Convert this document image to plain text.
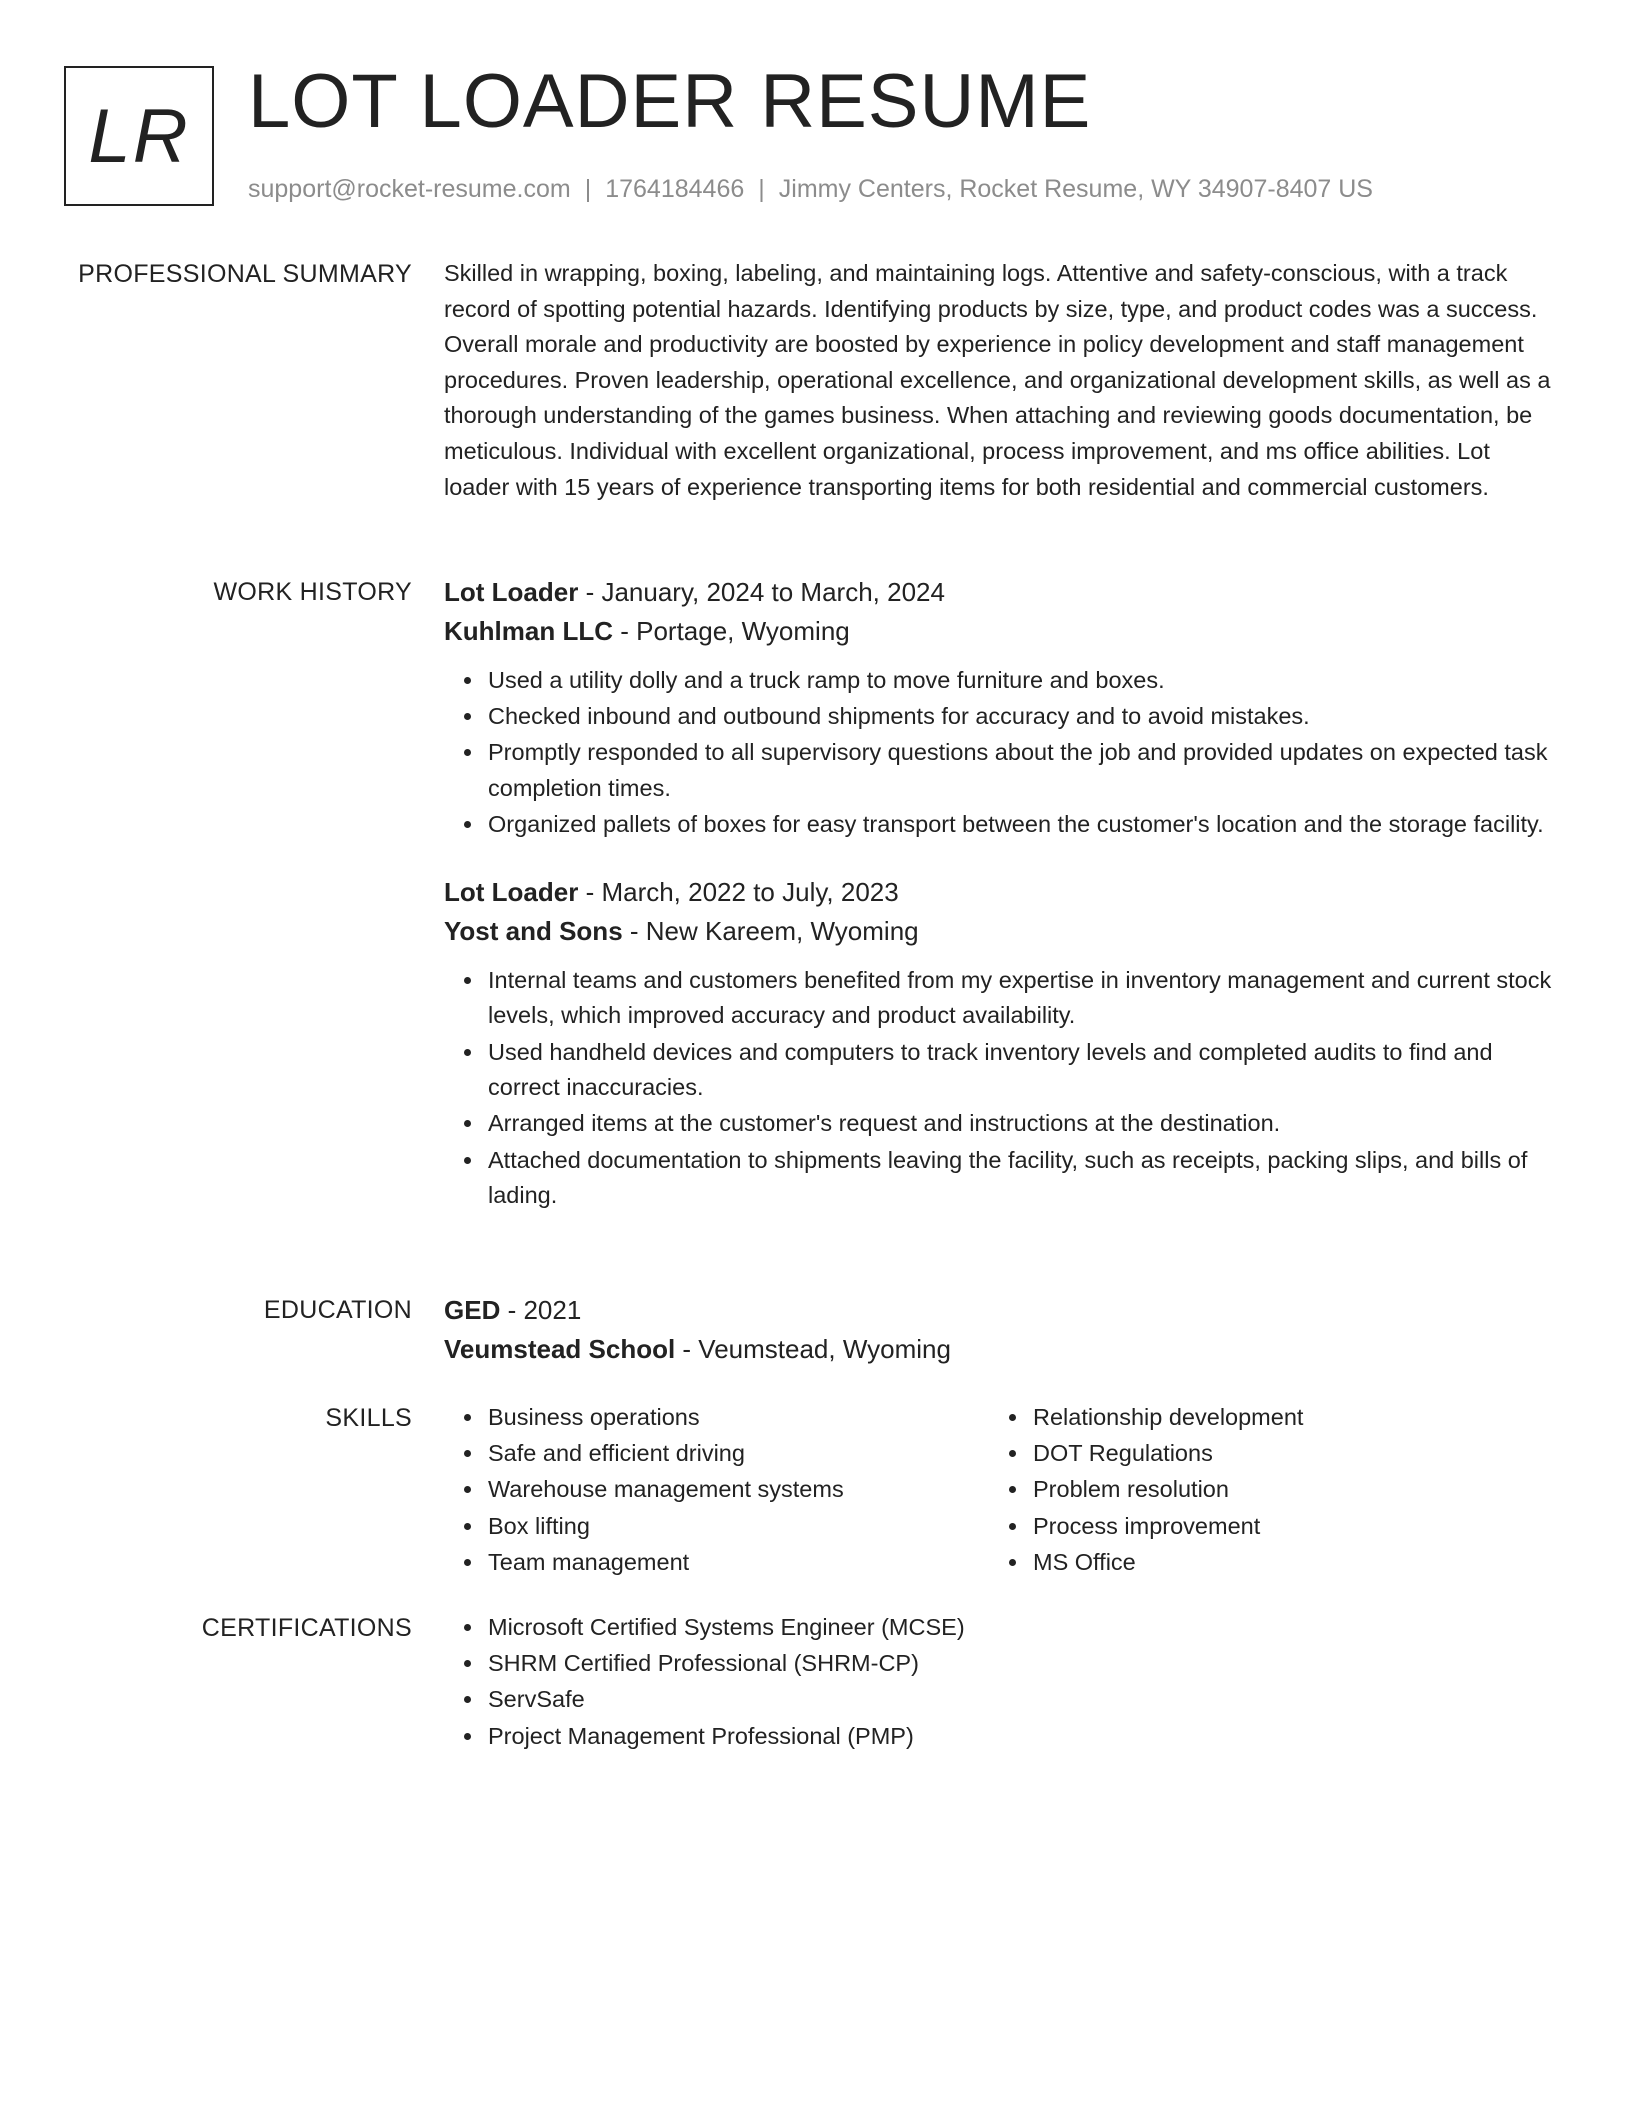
LR LOT LOADER RESUME
support@rocket-resume.com | 1764184466 | Jimmy Centers, Rocket Resume, WY 34907-8407 US
PROFESSIONAL SUMMARY Skilled in wrapping, boxing, labeling, and maintaining logs. Attentive and safety-conscious, with a track record of spotting potential hazards. Identifying products by size, type, and product codes was a success. Overall morale and productivity are boosted by experience in policy development and staff management procedures. Proven leadership, operational excellence, and organizational development skills, as well as a thorough understanding of the games business. When attaching and reviewing goods documentation, be meticulous. Individual with excellent organizational, process improvement, and ms office abilities. Lot loader with 15 years of experience transporting items for both residential and commercial customers.

WORK HISTORY Lot Loader - January, 2024 to March, 2024

Kuhlman LLC - Portage, Wyoming

Used a utility dolly and a truck ramp to move furniture and boxes.
Checked inbound and outbound shipments for accuracy and to avoid mistakes.
Promptly responded to all supervisory questions about the job and provided updates on expected task completion times.
Organized pallets of boxes for easy transport between the customer's location and the storage facility.

Lot Loader - March, 2022 to July, 2023

Yost and Sons - New Kareem, Wyoming

Internal teams and customers benefited from my expertise in inventory management and current stock levels, which improved accuracy and product availability.
Used handheld devices and computers to track inventory levels and completed audits to find and correct inaccuracies.
Arranged items at the customer's request and instructions at the destination.
Attached documentation to shipments leaving the facility, such as receipts, packing slips, and bills of lading.
EDUCATION GED - 2021

Veumstead School - Veumstead, Wyoming

SKILLS	Business operations
Safe and efficient driving
Warehouse management systems
Box lifting
Team management
Relationship development
DOT Regulations
Problem resolution
Process improvement
MS Office
CERTIFICATIONS	Microsoft Certified Systems Engineer (MCSE)
SHRM Certified Professional (SHRM-CP)
ServSafe
Project Management Professional (PMP)
